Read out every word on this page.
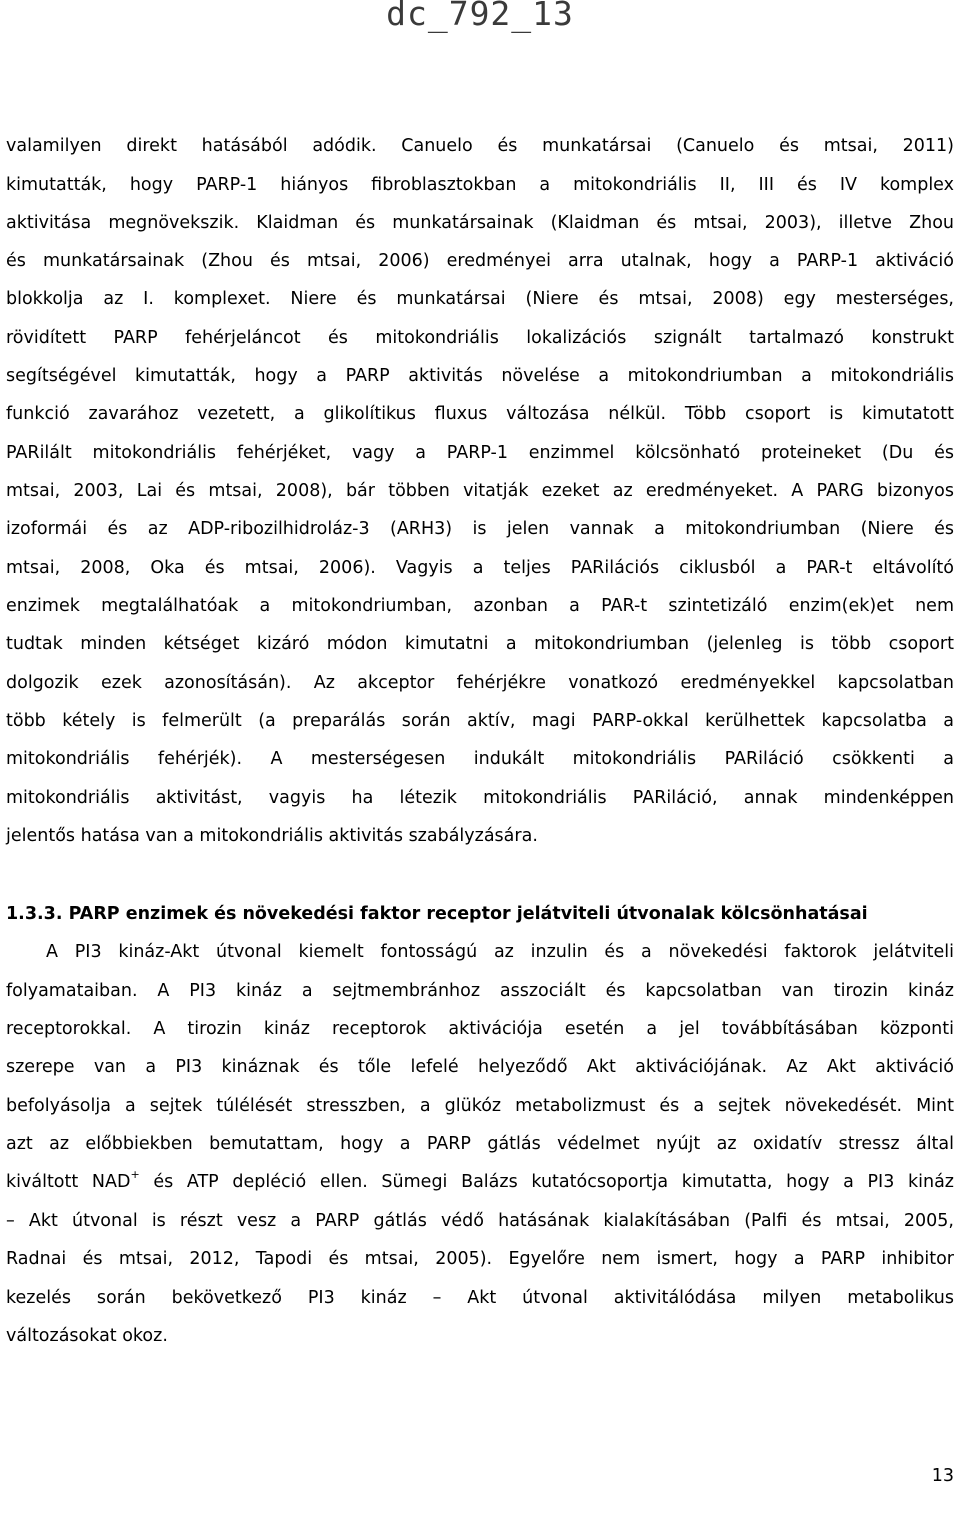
dc_792_13
valamilyen direkt hatásából adódik. Canuelo és munkatársai (Canuelo és mtsai, 2011)
kimutatták, hogy PARP-1 hiányos fibroblasztokban a mitokondriális II, III és IV komplex
aktivitása megnövekszik. Klaidman és munkatársainak (Klaidman és mtsai, 2003), illetve Zhou
és munkatársainak (Zhou és mtsai, 2006) eredményei arra utalnak, hogy a PARP-1 aktiváció
blokkolja az I. komplexet. Niere és munkatársai (Niere és mtsai, 2008) egy mesterséges,
rövidített PARP fehérjeláncot és mitokondriális lokalizációs szignált tartalmazó konstrukt
segítségével kimutatták, hogy a PARP aktivitás növelése a mitokondriumban a mitokondriális
funkció zavarához vezetett, a glikolítikus fluxus változása nélkül. Több csoport is kimutatott
PARilált mitokondriális fehérjéket, vagy a PARP-1 enzimmel kölcsönható proteineket (Du és
mtsai, 2003, Lai és mtsai, 2008), bár többen vitatják ezeket az eredményeket. A PARG bizonyos
izoformái és az ADP-ribozilhidroláz-3 (ARH3) is jelen vannak a mitokondriumban (Niere és
mtsai, 2008, Oka és mtsai, 2006). Vagyis a teljes PARilációs ciklusból a PAR-t eltávolító
enzimek megtalálhatóak a mitokondriumban, azonban a PAR-t szintetizáló enzim(ek)et nem
tudtak minden kétséget kizáró módon kimutatni a mitokondriumban (jelenleg is több csoport
dolgozik ezek azonosításán). Az akceptor fehérjékre vonatkozó eredményekkel kapcsolatban
több kétely is felmerült (a preparálás során aktív, magi PARP-okkal kerülhettek kapcsolatba a
mitokondriális fehérjék). A mesterségesen indukált mitokondriális PARiláció csökkenti a
mitokondriális aktivitást, vagyis ha létezik mitokondriális PARiláció, annak mindenképpen
jelentős hatása van a mitokondriális aktivitás szabályzására.
1.3.3. PARP enzimek és növekedési faktor receptor jelátviteli útvonalak kölcsönhatásai
A PI3 kináz-Akt útvonal kiemelt fontosságú az inzulin és a növekedési faktorok jelátviteli
folyamataiban. A PI3 kináz a sejtmembránhoz asszociált és kapcsolatban van tirozin kináz
receptorokkal. A tirozin kináz receptorok aktivációja esetén a jel továbbításában központi
szerepe van a PI3 kináznak és tőle lefelé helyeződő Akt aktivációjának. Az Akt aktiváció
befolyásolja a sejtek túlélését stresszben, a glükóz metabolizmust és a sejtek növekedését. Mint
azt az előbbiekben bemutattam, hogy a PARP gátlás védelmet nyújt az oxidatív stressz által
kiváltott NAD+ és ATP depléció ellen. Sümegi Balázs kutatócsoportja kimutatta, hogy a PI3 kináz
– Akt útvonal is részt vesz a PARP gátlás védő hatásának kialakításában (Palfi és mtsai, 2005,
Radnai és mtsai, 2012, Tapodi és mtsai, 2005). Egyelőre nem ismert, hogy a PARP inhibitor
kezelés során bekövetkező PI3 kináz – Akt útvonal aktivitálódása milyen metabolikus
változásokat okoz.
13
